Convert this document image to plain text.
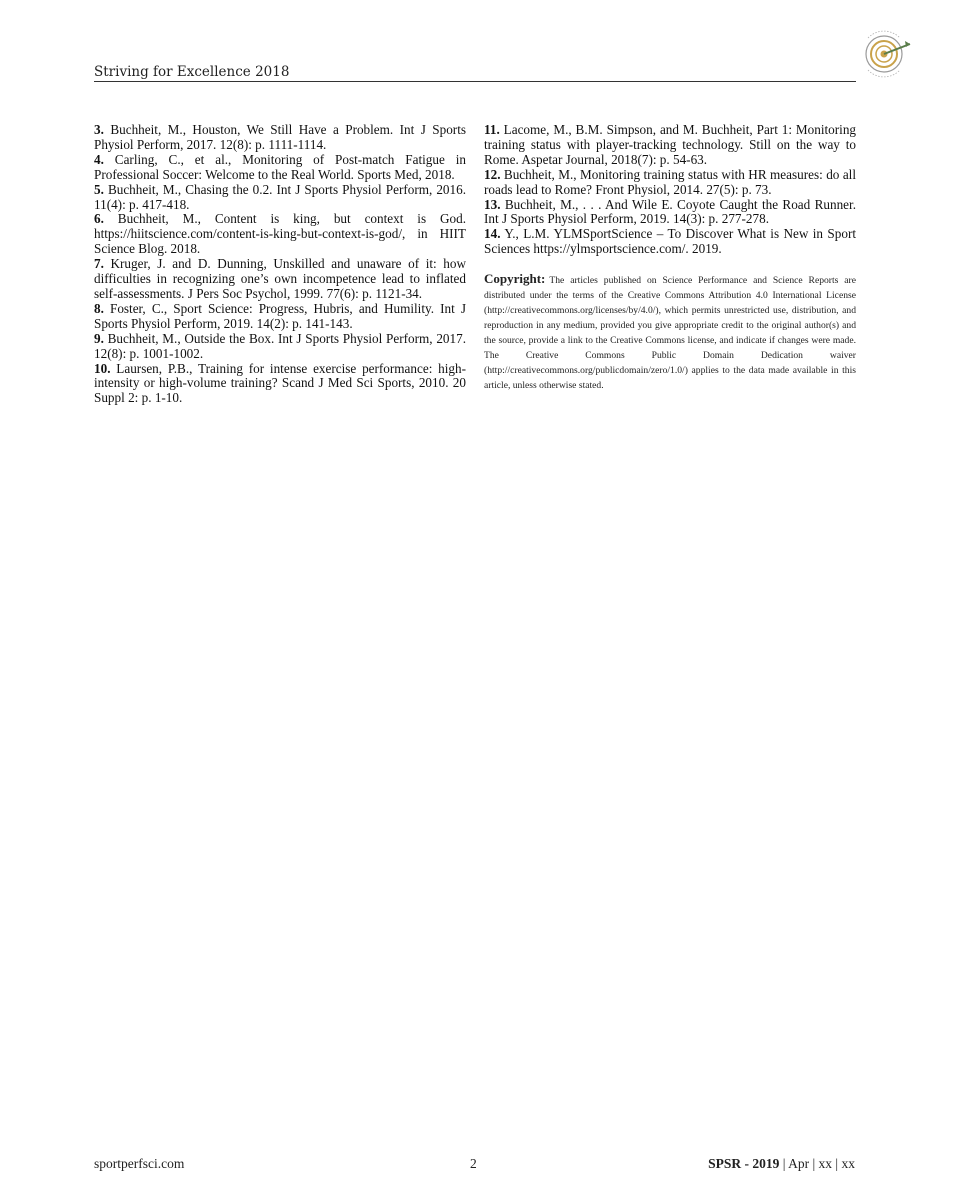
Striving for Excellence 2018

3. Buchheit, M., Houston, We Still Have a Problem. Int J Sports Physiol Perform, 2017. 12(8): p. 1111-1114.

4. Carling, C., et al., Monitoring of Post-match Fatigue in Professional Soccer: Welcome to the Real World. Sports Med, 2018.

5. Buchheit, M., Chasing the 0.2. Int J Sports Physiol Perform, 2016. 11(4): p. 417-418.

6. Buchheit, M., Content is king, but context is God. https://hiitscience.com/content-is-king-but-context-is-god/, in HIIT Science Blog. 2018.

7. Kruger, J. and D. Dunning, Unskilled and unaware of it: how difficulties in recognizing one’s own incompetence lead to inflated self-assessments. J Pers Soc Psychol, 1999. 77(6): p. 1121-34.

8. Foster, C., Sport Science: Progress, Hubris, and Humility. Int J Sports Physiol Perform, 2019. 14(2): p. 141-143.

9. Buchheit, M., Outside the Box. Int J Sports Physiol Perform, 2017. 12(8): p. 1001-1002.

10. Laursen, P.B., Training for intense exercise performance: high-intensity or high-volume training? Scand J Med Sci Sports, 2010. 20 Suppl 2: p. 1-10.

11. Lacome, M., B.M. Simpson, and M. Buchheit, Part 1: Monitoring training status with player-tracking technology. Still on the way to Rome. Aspetar Journal, 2018(7): p. 54-63.

12. Buchheit, M., Monitoring training status with HR measures: do all roads lead to Rome? Front Physiol, 2014. 27(5): p. 73.

13. Buchheit, M., . . . And Wile E. Coyote Caught the Road Runner. Int J Sports Physiol Perform, 2019. 14(3): p. 277-278.

14. Y., L.M. YLMSportScience – To Discover What is New in Sport Sciences https://ylmsportscience.com/. 2019.

Copyright: The articles published on Science Performance and Science Reports are distributed under the terms of the Creative Commons Attribution 4.0 International License (http://creativecommons.org/licenses/by/4.0/), which permits unrestricted use, distribution, and reproduction in any medium, provided you give appropriate credit to the original author(s) and the source, provide a link to the Creative Commons license, and indicate if changes were made. The Creative Commons Public Domain Dedication waiver (http://creativecommons.org/publicdomain/zero/1.0/) applies to the data made available in this article, unless otherwise stated.
sportperfsci.com	2	SPSR - 2019 | Apr | xx | xx
